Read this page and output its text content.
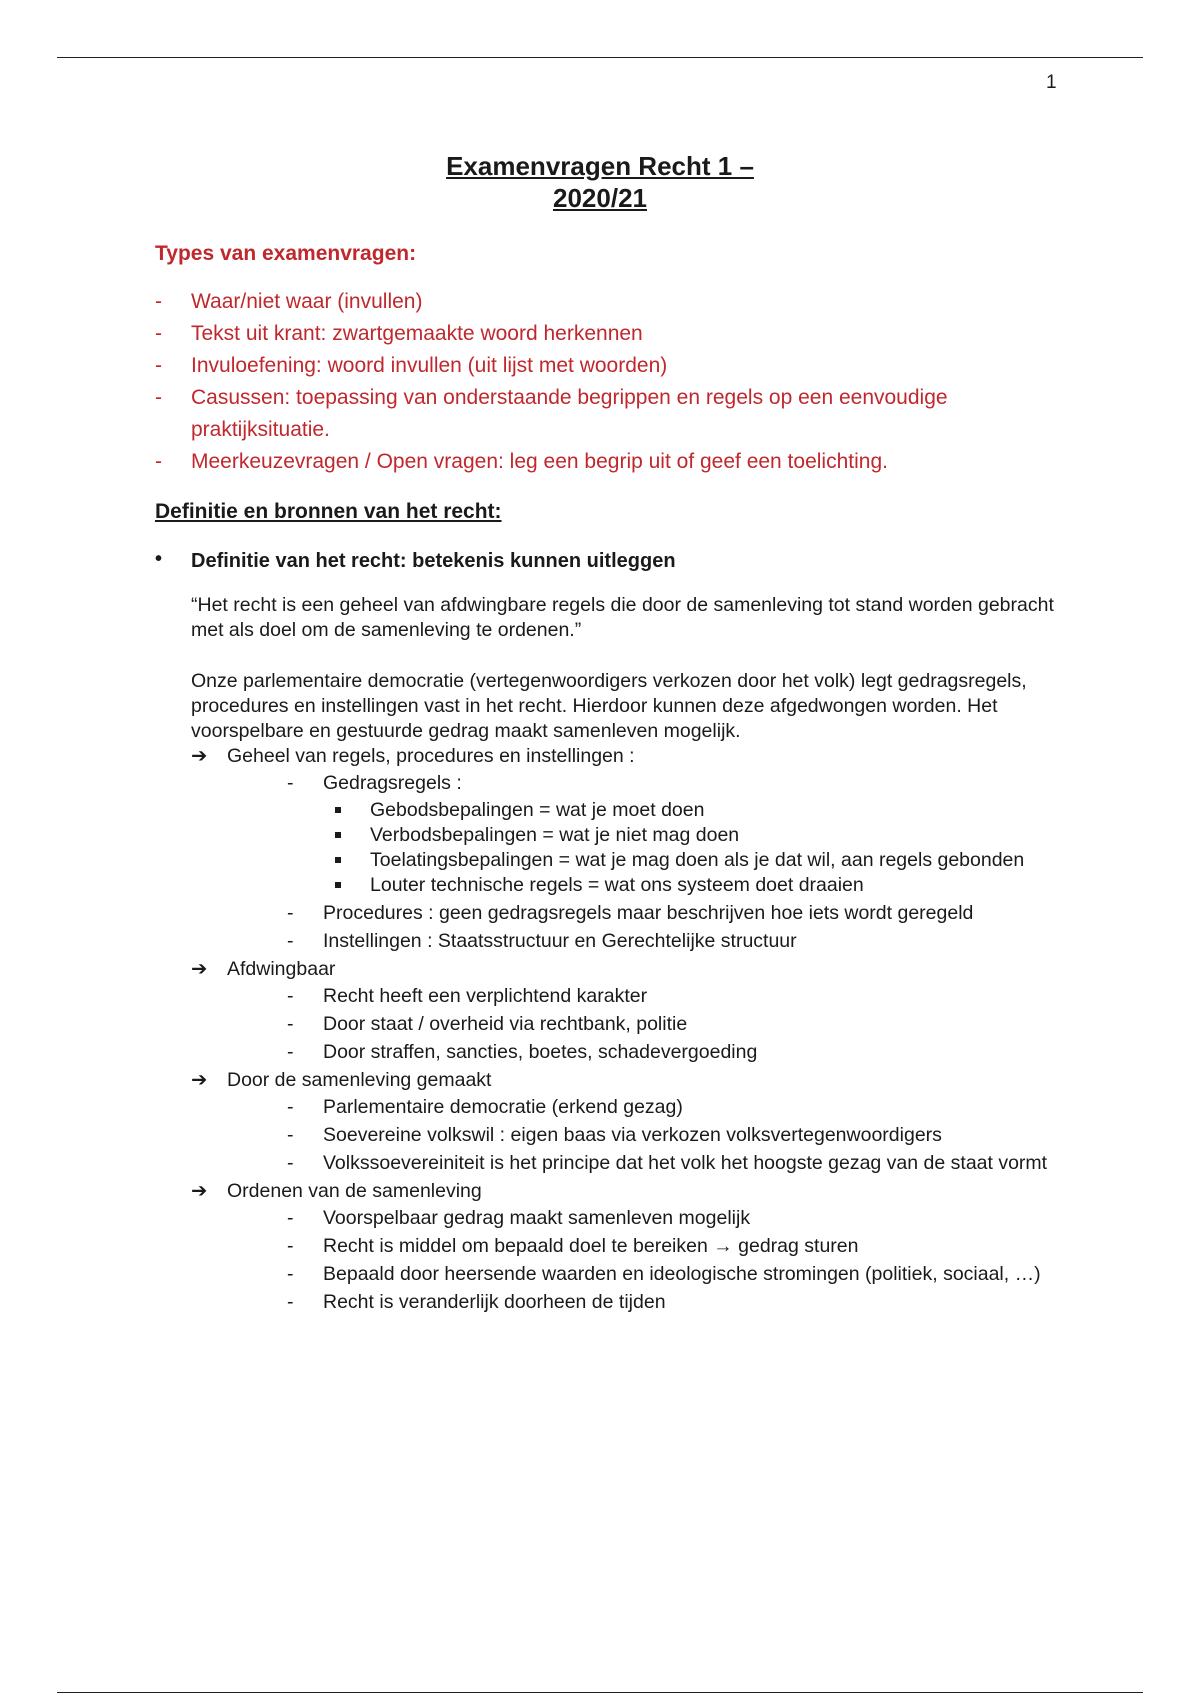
1
Examenvragen Recht 1 –
2020/21
Types van examenvragen:
- Waar/niet waar (invullen)
- Tekst uit krant: zwartgemaakte woord herkennen
- Invuloefening: woord invullen (uit lijst met woorden)
- Casussen: toepassing van onderstaande begrippen en regels op een eenvoudige praktijksituatie.
- Meerkeuzevragen / Open vragen: leg een begrip uit of geef een toelichting.
Definitie en bronnen van het recht:
• Definitie van het recht: betekenis kunnen uitleggen
“Het recht is een geheel van afdwingbare regels die door de samenleving tot stand worden gebracht met als doel om de samenleving te ordenen.”
Onze parlementaire democratie (vertegenwoordigers verkozen door het volk) legt gedragsregels, procedures en instellingen vast in het recht. Hierdoor kunnen deze afgedwongen worden. Het voorspelbare en gestuurde gedrag maakt samenleven mogelijk.
➔ Geheel van regels, procedures en instellingen :
- Gedragsregels :
Gebodsbepalingen = wat je moet doen
Verbodsbepalingen = wat je niet mag doen
Toelatingsbepalingen = wat je mag doen als je dat wil, aan regels gebonden
Louter technische regels = wat ons systeem doet draaien
- Procedures : geen gedragsregels maar beschrijven hoe iets wordt geregeld
- Instellingen : Staatsstructuur en Gerechtelijke structuur
➔ Afdwingbaar
- Recht heeft een verplichtend karakter
- Door staat / overheid via rechtbank, politie
- Door straffen, sancties, boetes, schadevergoeding
➔ Door de samenleving gemaakt
- Parlementaire democratie (erkend gezag)
- Soevereine volkswil : eigen baas via verkozen volksvertegenwoordigers
- Volkssoevereiniteit is het principe dat het volk het hoogste gezag van de staat vormt
➔ Ordenen van de samenleving
- Voorspelbaar gedrag maakt samenleven mogelijk
- Recht is middel om bepaald doel te bereiken → gedrag sturen
- Bepaald door heersende waarden en ideologische stromingen (politiek, sociaal, …)
- Recht is veranderlijk doorheen de tijden
